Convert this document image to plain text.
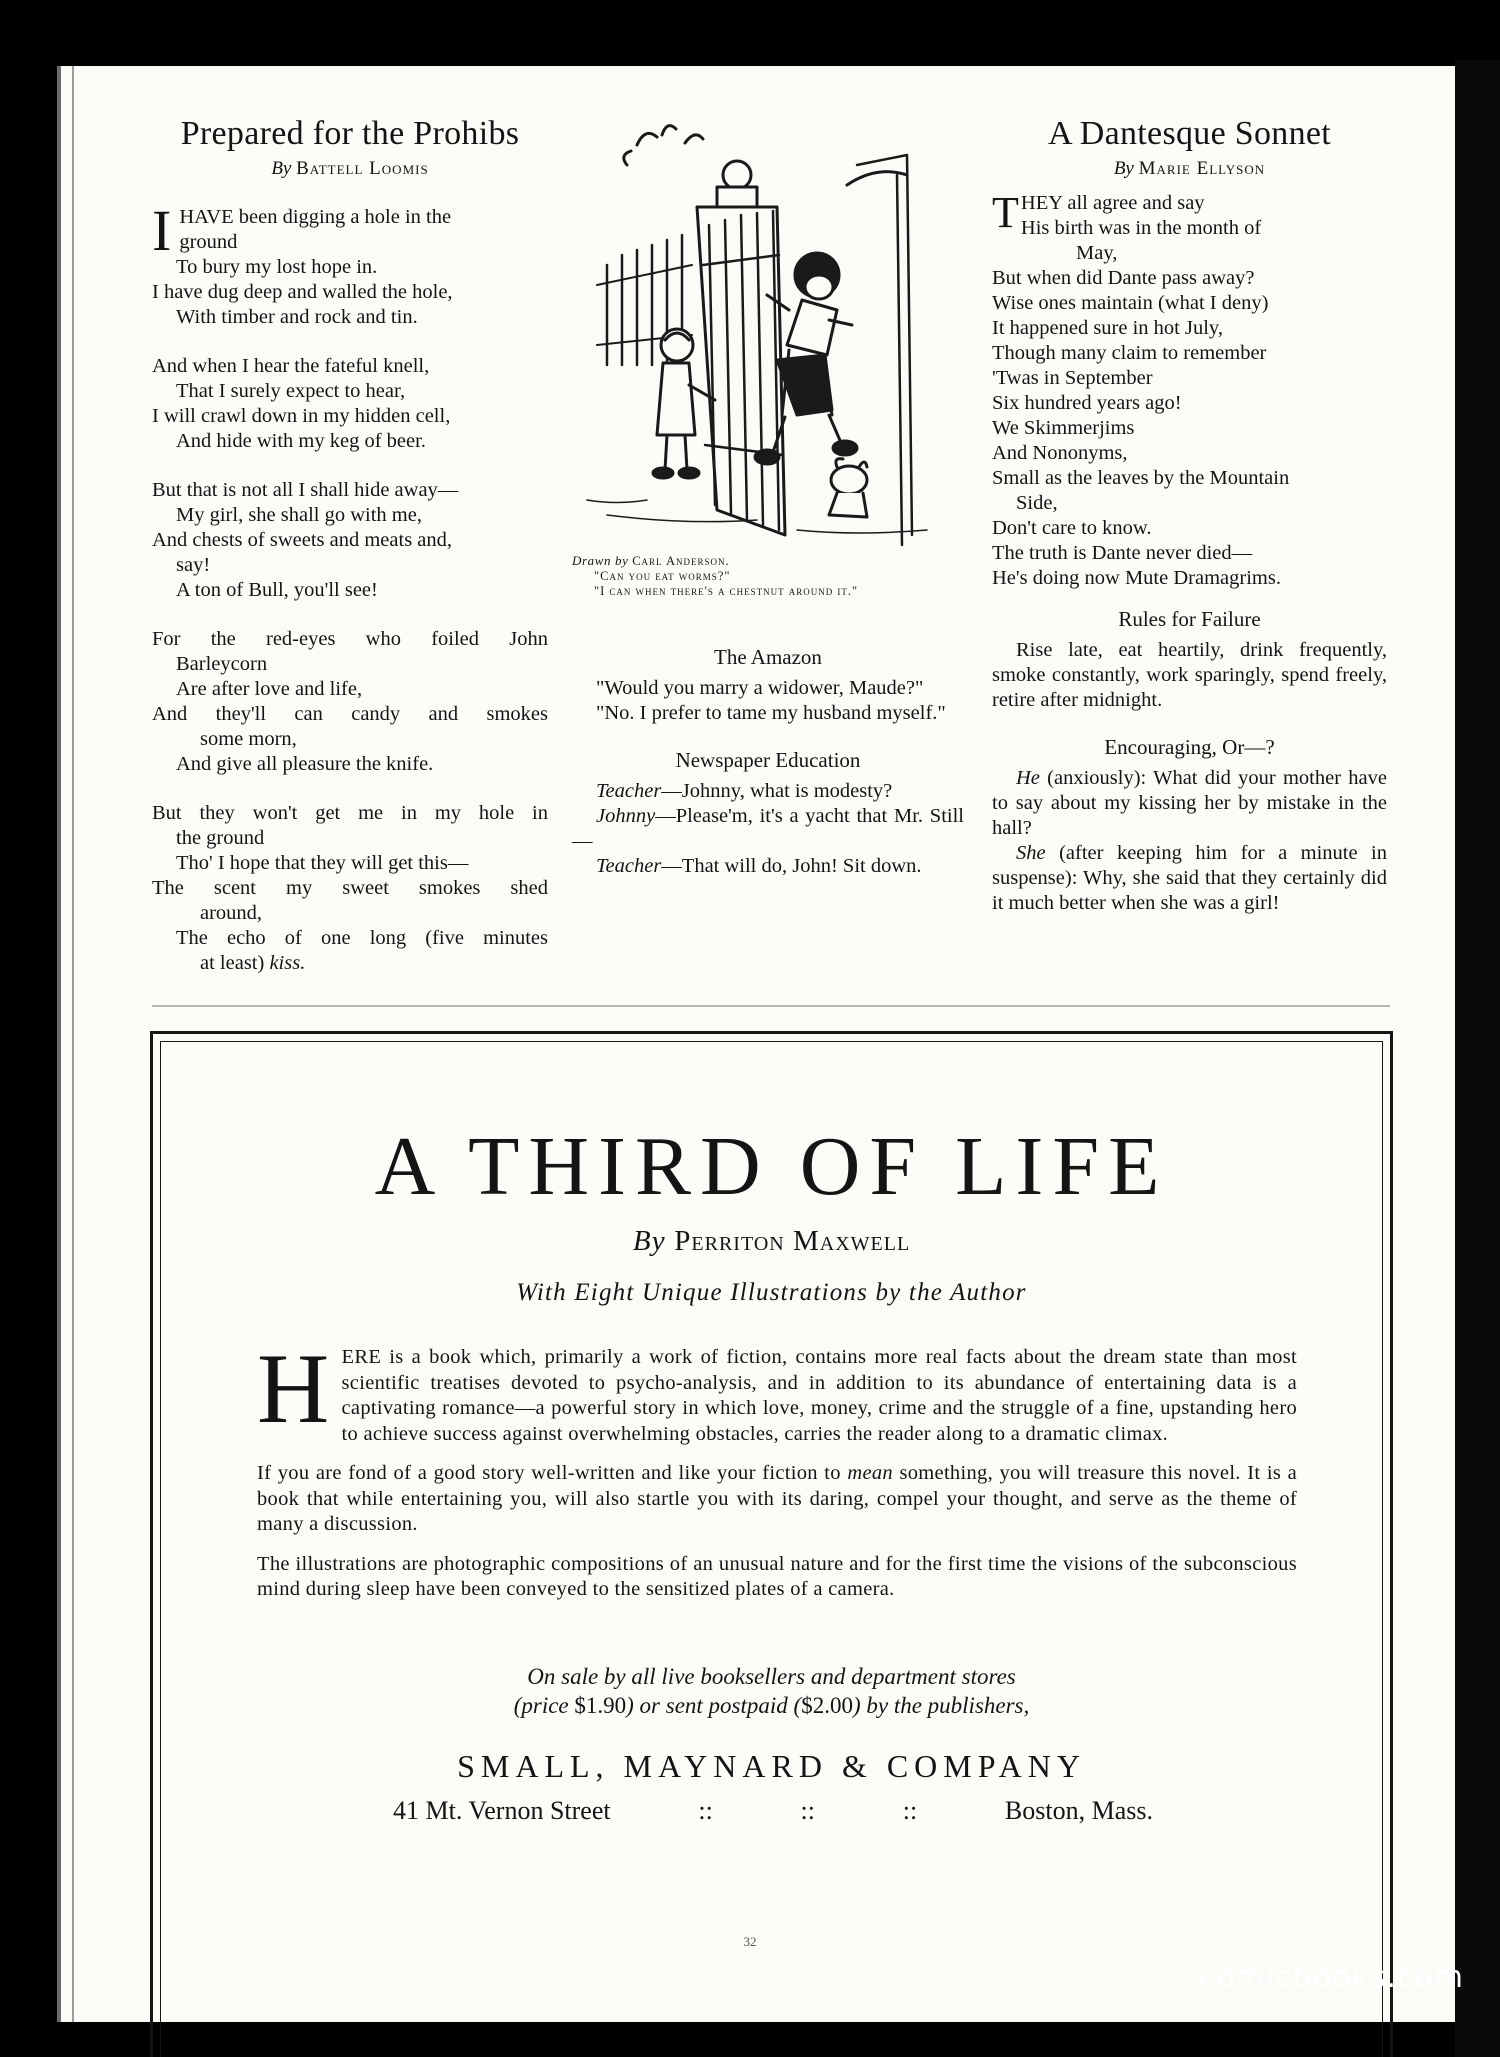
Prepared for the Prohibs
By Battell Loomis
I HAVE been digging a hole in the
ground
To bury my lost hope in.
I have dug deep and walled the hole,
With timber and rock and tin.
And when I hear the fateful knell,
That I surely expect to hear,
I will crawl down in my hidden cell,
And hide with my keg of beer.
But that is not all I shall hide away—
My girl, she shall go with me,
And chests of sweets and meats and,
say!
A ton of Bull, you'll see!
For the red-eyes who foiled John
Barleycorn
Are after love and life,
And they'll can candy and smokes
some morn,
And give all pleasure the knife.
But they won't get me in my hole in
the ground
Tho' I hope that they will get this—
The scent my sweet smokes shed
around,
The echo of one long (five minutes
at least) kiss.
Drawn by Carl Anderson.
"Can you eat worms?"
"I can when there's a chestnut around it."
The Amazon
"Would you marry a widower, Maude?"
"No. I prefer to tame my husband myself."
Newspaper Education
Teacher—Johnny, what is modesty?
Johnny—Please'm, it's a yacht that Mr. Still—
Teacher—That will do, John! Sit down.
A Dantesque Sonnet
By Marie Ellyson
T HEY all agree and say
His birth was in the month of
May,
But when did Dante pass away?
Wise ones maintain (what I deny)
It happened sure in hot July,
Though many claim to remember
'Twas in September
Six hundred years ago!
We Skimmerjims
And Nononyms,
Small as the leaves by the Mountain
Side,
Don't care to know.
The truth is Dante never died—
He's doing now Mute Dramagrims.
Rules for Failure
Rise late, eat heartily, drink frequently, smoke constantly, work sparingly, spend freely, retire after midnight.
Encouraging, Or—?
He (anxiously): What did your mother have to say about my kissing her by mistake in the hall?
She (after keeping him for a minute in suspense): Why, she said that they certainly did it much better when she was a girl!
A THIRD OF LIFE
By Perriton Maxwell
With Eight Unique Illustrations by the Author

HERE is a book which, primarily a work of fiction, contains more real facts about the dream state than most scientific treatises devoted to psycho-analysis, and in addition to its abundance of entertaining data is a captivating romance—a powerful story in which love, money, crime and the struggle of a fine, upstanding hero to achieve success against overwhelming obstacles, carries the reader along to a dramatic climax.

If you are fond of a good story well-written and like your fiction to mean something, you will treasure this novel. It is a book that while entertaining you, will also startle you with its daring, compel your thought, and serve as the theme of many a discussion.

The illustrations are photographic compositions of an unusual nature and for the first time the visions of the subconscious mind during sleep have been conveyed to the sensitized plates of a camera.

On sale by all live booksellers and department stores
(price $1.90) or sent postpaid ($2.00) by the publishers,
SMALL, MAYNARD & COMPANY
41 Mt. Vernon Street	::	::	::	Boston, Mass.
32
comicbooks.com
